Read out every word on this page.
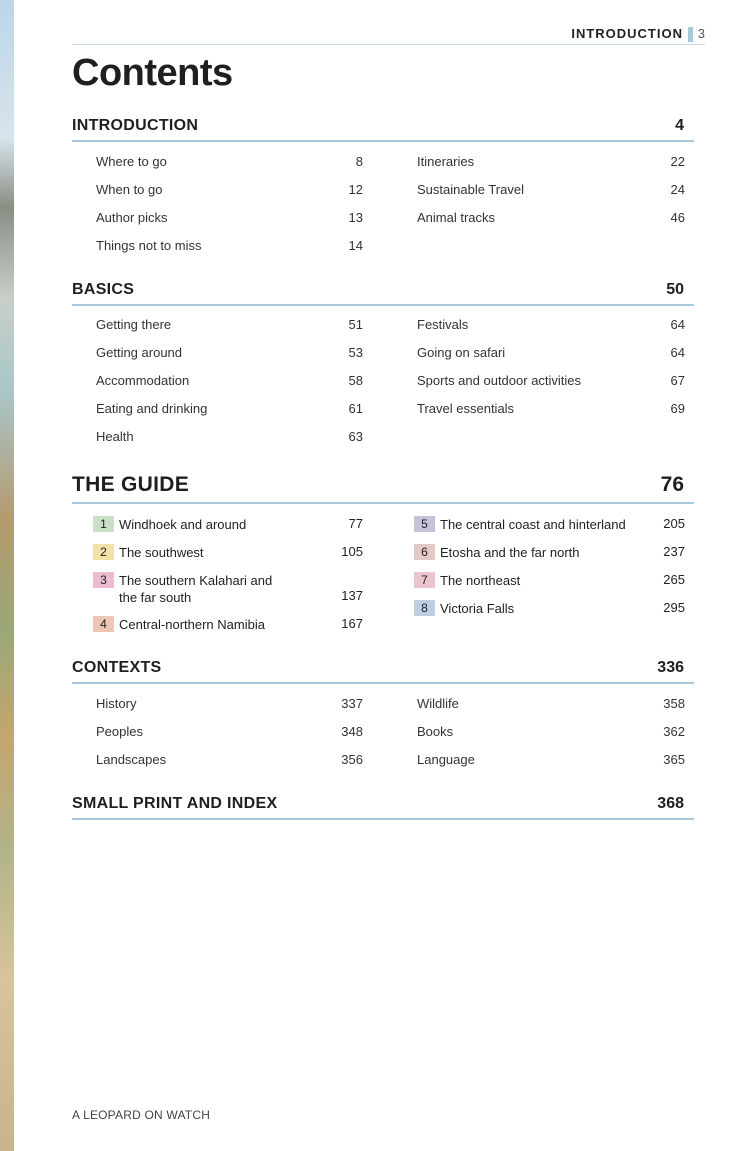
INTRODUCTION 3
Contents
INTRODUCTION	4
Where to go	8
When to go	12
Author picks	13
Things not to miss	14
Itineraries	22
Sustainable Travel	24
Animal tracks	46
BASICS	50
Getting there	51
Getting around	53
Accommodation	58
Eating and drinking	61
Health	63
Festivals	64
Going on safari	64
Sports and outdoor activities	67
Travel essentials	69
THE GUIDE	76
1 Windhoek and around	77
2 The southwest	105
3 The southern Kalahari and the far south	137
4 Central-northern Namibia	167
5 The central coast and hinterland	205
6 Etosha and the far north	237
7 The northeast	265
8 Victoria Falls	295
CONTEXTS	336
History	337
Peoples	348
Landscapes	356
Wildlife	358
Books	362
Language	365
SMALL PRINT AND INDEX	368
A LEOPARD ON WATCH
